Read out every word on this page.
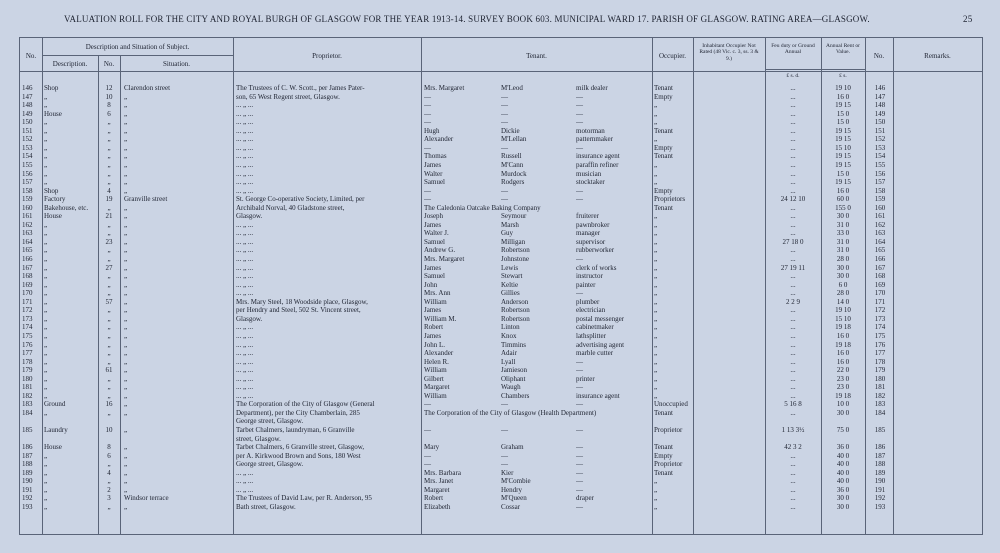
VALUATION ROLL FOR THE CITY AND ROYAL BURGH OF GLASGOW FOR THE YEAR 1913-14. SURVEY BOOK 603. MUNICIPAL WARD 17. PARISH OF GLASGOW. RATING AREA—GLASGOW.	25
No.
Description and Situation of Subject.
Description.	No.	Situation.
Proprietor.	Tenant.	Occupier.
Inhabitant Occupier Not Rated (48 Vic. c. 3, ss. 3 & 9.)
Feu duty or Ground Annual
£ s. d.
Annual Rent or Value.
£ s.
No.	Remarks.
146	Shop	12	Clarendon street	The Trustees of C. W. Scott., per James Pater-	Mrs. Margaret	M'Leod	milk dealer	Tenant	...	19 10	146
147	„	10	„	son, 65 West Regent street, Glasgow.	—	—	—	Empty	...	16 0	147
148	„	8	„	... „ ...	—	—	—	„	...	19 15	148
149	House	6	„	... „ ...	—	—	—	„	...	15 0	149
150	„	„	„	... „ ...	—	—	—	„	...	15 0	150
151	„	„	„	... „ ...	Hugh	Dickie	motorman	Tenant	...	19 15	151
152	„	„	„	... „ ...	Alexander	M'Lellan	patternmaker	„	...	19 15	152
153	„	„	„	... „ ...	—	—	—	Empty	...	15 10	153
154	„	„	„	... „ ...	Thomas	Russell	insurance agent	Tenant	...	19 15	154
155	„	„	„	... „ ...	James	M'Cann	paraffin refiner	„	...	19 15	155
156	„	„	„	... „ ...	Walter	Murdock	musician	„	...	15 0	156
157	„	„	„	... „ ...	Samuel	Rodgers	stocktaker	„	...	19 15	157
158	Shop	4	„	... „ ...	—	—	—	Empty	...	16 0	158
159	Factory	19	Granville street	St. George Co-operative Society, Limited, per	—	—	—	Proprietors	24 12 10	60 0	159
160	Bakehouse, etc.	„	„	Archibald Norval, 40 Gladstone street,	The Caledonia Oatcake Baking Company	Tenant	...	155 0	160
161	House	21	„	Glasgow.	Joseph	Seymour	fruiterer	„	...	30 0	161
162	„	„	„	... „ ...	James	Marsh	pawnbroker	„	...	31 0	162
163	„	„	„	... „ ...	Walter J.	Guy	manager	„	...	33 0	163
164	„	23	„	... „ ...	Samuel	Milligan	supervisor	„	27 18 0	31 0	164
165	„	„	„	... „ ...	Andrew G.	Robertson	rubberworker	„	...	31 0	165
166	„	„	„	... „ ...	Mrs. Margaret	Johnstone	—	„	...	28 0	166
167	„	27	„	... „ ...	James	Lewis	clerk of works	„	27 19 11	30 0	167
168	„	„	„	... „ ...	Samuel	Stewart	instructor	„	...	30 0	168
169	„	„	„	... „ ...	John	Keltie	painter	„	...	6 0	169
170	„	„	„	... „ ...	Mrs. Ann	Gillies	—	„	...	28 0	170
171	„	57	„	Mrs. Mary Steel, 18 Woodside place, Glasgow,	William	Anderson	plumber	„	2 2 9	14 0	171
172	„	„	„	per Hendry and Steel, 502 St. Vincent street,	James	Robertson	electrician	„	...	19 10	172
173	„	„	„	Glasgow.	William M.	Robertson	postal messenger	„	...	15 10	173
174	„	„	„	... „ ...	Robert	Linton	cabinetmaker	„	...	19 18	174
175	„	„	„	... „ ...	James	Knox	lathsplitter	„	...	16 0	175
176	„	„	„	... „ ...	John L.	Timmins	advertising agent	„	...	19 18	176
177	„	„	„	... „ ...	Alexander	Adair	marble cutter	„	...	16 0	177
178	„	„	„	... „ ...	Helen R.	Lyall	—	„	...	16 0	178
179	„	61	„	... „ ...	William	Jamieson	—	„	...	22 0	179
180	„	„	„	... „ ...	Gilbert	Oliphant	printer	„	...	23 0	180
181	„	„	„	... „ ...	Margaret	Waugh	—	„	...	23 0	181
182	„	„	„	... „ ...	William	Chambers	insurance agent	„	...	19 18	182
183	Ground	16	„	The Corporation of the City of Glasgow (General	—	—	—	Unoccupied	5 16 8	10 0	183
184	„	„	„	Department), per the City Chamberlain, 285	The Corporation of the City of Glasgow (Health Department)	Tenant	...	30 0	184
George street, Glasgow.
185	Laundry	10	„	Tarbet Chalmers, laundryman, 6 Granville	—	—	—	Proprietor	1 13 3½	75 0	185
street, Glasgow.
186	House	8	„	Tarbet Chalmers, 6 Granville street, Glasgow,	Mary	Graham	—	Tenant	42 3 2	36 0	186
187	„	6	„	per A. Kirkwood Brown and Sons, 180 West	—	—	—	Empty	...	40 0	187
188	„	„	„	George street, Glasgow.	—	—	—	Proprietor	...	40 0	188
189	„	4	„	... „ ...	Mrs. Barbara	Kier	—	Tenant	...	40 0	189
190	„	„	„	... „ ...	Mrs. Janet	M'Combie	—	„	...	40 0	190
191	„	2	„	... „ ...	Margaret	Hendry	—	„	...	36 0	191
192	„	3	Windsor terrace	The Trustees of David Law, per R. Anderson, 95	Robert	M'Queen	draper	„	...	30 0	192
193	„	„	„	Bath street, Glasgow.	Elizabeth	Cossar	—	„	...	30 0	193
